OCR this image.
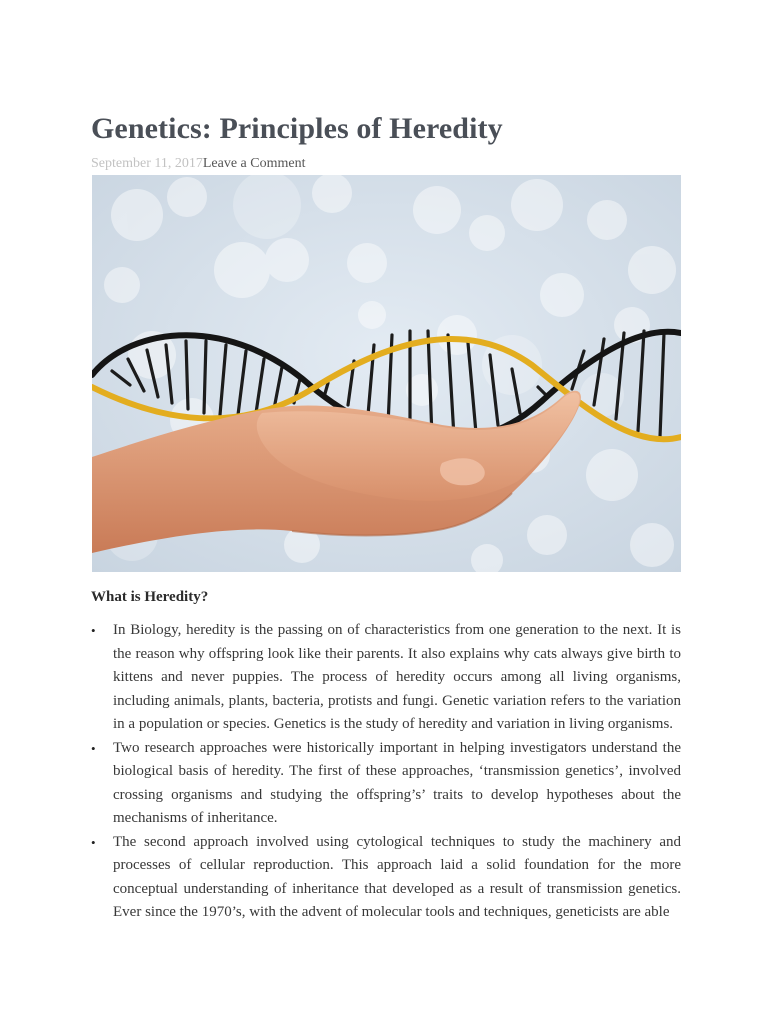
Genetics: Principles of Heredity
September 11, 2017Leave a Comment
What is Heredity?
• In Biology, heredity is the passing on of characteristics from one generation to the next. It is the reason why offspring look like their parents. It also explains why cats always give birth to kittens and never puppies. The process of heredity occurs among all living organisms, including animals, plants, bacteria, protists and fungi. Genetic variation refers to the variation in a population or species. Genetics is the study of heredity and variation in living organisms.
• Two research approaches were historically important in helping investigators understand the biological basis of heredity. The first of these approaches, ‘transmission genetics’, involved crossing organisms and studying the offspring’s’ traits to develop hypotheses about the mechanisms of inheritance.
• The second approach involved using cytological techniques to study the machinery and processes of cellular reproduction. This approach laid a solid foundation for the more conceptual understanding of inheritance that developed as a result of transmission genetics. Ever since the 1970’s, with the advent of molecular tools and techniques, geneticists are able
